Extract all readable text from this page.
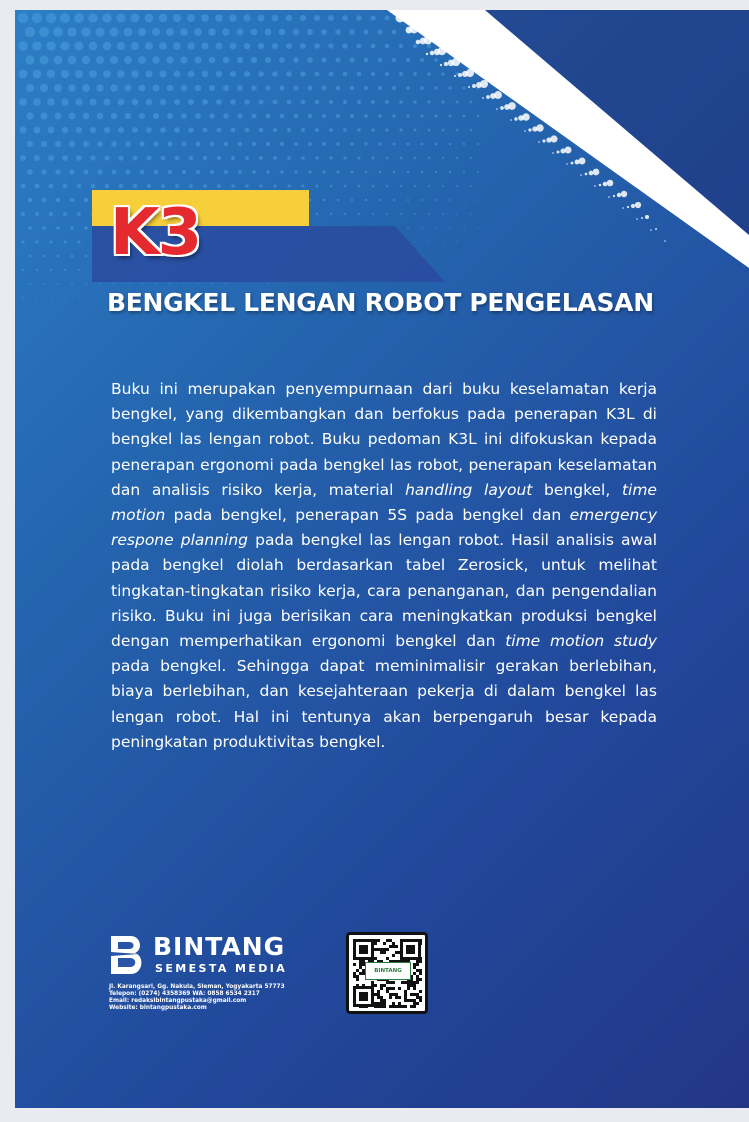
K3
BENGKEL LENGAN ROBOT PENGELASAN

Buku ini merupakan penyempurnaan dari buku keselamatan kerja bengkel, yang dikembangkan dan berfokus pada penerapan K3L di bengkel las lengan robot. Buku pedoman K3L ini difokuskan kepada penerapan ergonomi pada bengkel las robot, penerapan keselamatan dan analisis risiko kerja, material handling layout bengkel, time motion pada bengkel, penerapan 5S pada bengkel dan emergency respone planning pada bengkel las lengan robot. Hasil analisis awal pada bengkel diolah berdasarkan tabel Zerosick, untuk melihat tingkatan-tingkatan risiko kerja, cara penanganan, dan pengendalian risiko. Buku ini juga berisikan cara meningkatkan produksi bengkel dengan memperhatikan ergonomi bengkel dan time motion study pada bengkel. Sehingga dapat meminimalisir gerakan berlebihan, biaya berlebihan, dan kesejahteraan pekerja di dalam bengkel las lengan robot. Hal ini tentunya akan berpengaruh besar kepada peningkatan produktivitas bengkel.

BINTANG
SEMESTA MEDIA
Jl. Karangsari, Gg. Nakula, Sleman, Yogyakarta 57773
Telepon: (0274) 4358369 WA: 0858 6534 2317
Email: redaksibintangpustaka@gmail.com
Website: bintangpustaka.com
BINTANG
